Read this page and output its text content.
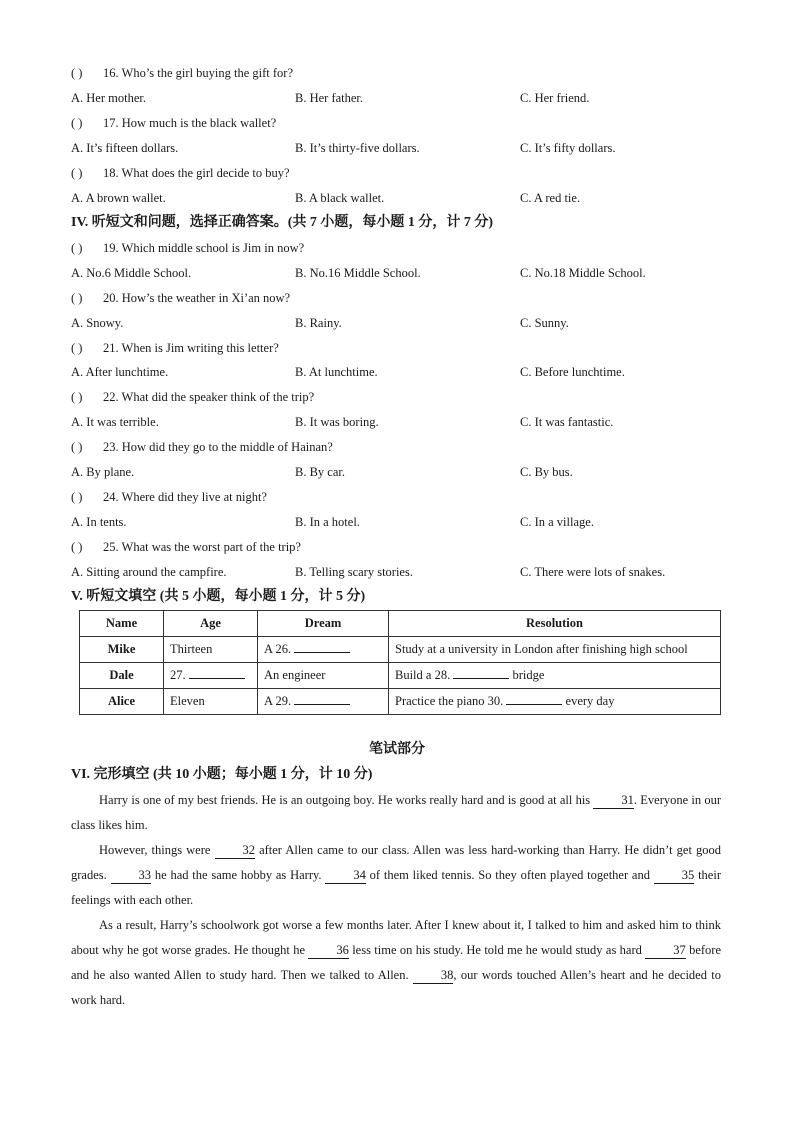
( ) 16. Who’s the girl buying the gift for?
A. Her mother.	B. Her father.	C. Her friend.
( ) 17. How much is the black wallet?
A. It’s fifteen dollars.	B. It’s thirty-five dollars.	C. It’s fifty dollars.
( ) 18. What does the girl decide to buy?
A. A brown wallet.	B. A black wallet.	C. A red tie.
IV. 听短文和问题，选择正确答案。(共 7 小题，每小题 1 分，计 7 分)
( ) 19. Which middle school is Jim in now?
A. No.6 Middle School.	B. No.16 Middle School.	C. No.18 Middle School.
( ) 20. How’s the weather in Xi’an now?
A. Snowy.	B. Rainy.	C. Sunny.
( ) 21. When is Jim writing this letter?
A. After lunchtime.	B. At lunchtime.	C. Before lunchtime.
( ) 22. What did the speaker think of the trip?
A. It was terrible.	B. It was boring.	C. It was fantastic.
( ) 23. How did they go to the middle of Hainan?
A. By plane.	B. By car.	C. By bus.
( ) 24. Where did they live at night?
A. In tents.	B. In a hotel.	C. In a village.
( ) 25. What was the worst part of the trip?
A. Sitting around the campfire.	B. Telling scary stories.	C. There were lots of snakes.
V. 听短文填空 (共 5 小题，每小题 1 分，计 5 分)
Name	Age	Dream	Resolution
Mike	Thirteen	A 26.	Study at a university in London after finishing high school
Dale	27.	An engineer	Build a 28. bridge
Alice	Eleven	A 29.	Practice the piano 30. every day
笔试部分
VI. 完形填空 (共 10 小题；每小题 1 分，计 10 分)

Harry is one of my best friends. He is an outgoing boy. He works really hard and is good at all his 31. Everyone in our class likes him.

However, things were 32 after Allen came to our class. Allen was less hard-working than Harry. He didn’t get good grades. 33 he had the same hobby as Harry. 34 of them liked tennis. So they often played together and 35 their feelings with each other.

As a result, Harry’s schoolwork got worse a few months later. After I knew about it, I talked to him and asked him to think about why he got worse grades. He thought he 36 less time on his study. He told me he would study as hard 37 before and he also wanted Allen to study hard. Then we talked to Allen. 38, our words touched Allen’s heart and he decided to work hard.
